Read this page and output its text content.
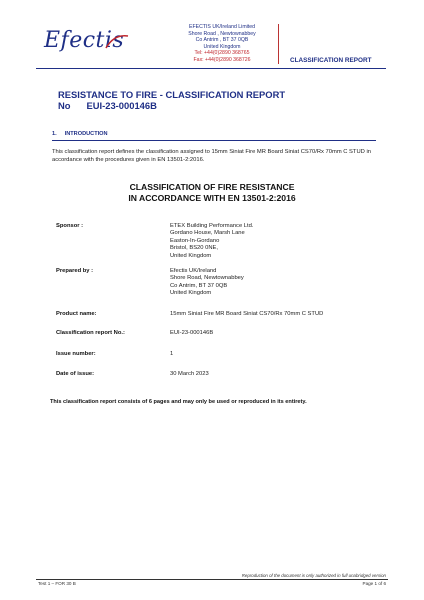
Efectis
EFECTIS UK/Ireland Limited
Shore Road , Newtownabbey
Co Antrim , BT 37 0QB
United Kingdom
Tel: +44(0)2890 368765
Fax: +44(0)2890 368726	CLASSIFICATION REPORT
RESISTANCE TO FIRE - CLASSIFICATION REPORT
No EUI-23-000146B
1. INTRODUCTION
This classification report defines the classification assigned to 15mm Siniat Fire MR Board Siniat CS70/Rx 70mm C STUD in accordance with the procedures given in EN 13501-2:2016.
CLASSIFICATION OF FIRE RESISTANCE
IN ACCORDANCE WITH EN 13501-2:2016
Sponsor :	ETEX Building Performance Ltd.
Gordano House, Marsh Lane
Easton-In-Gordano
Bristol, BS20 0NE,
United Kingdom
Prepared by :	Efectis UK/Ireland
Shore Road, Newtownabbey
Co Antrim, BT 37 0QB
United Kingdom
Product name:	15mm Siniat Fire MR Board Siniat CS70/Rx 70mm C STUD
Classification report No.:	EUI-23-000146B
Issue number:	1
Date of issue:	30 March 2023
This classification report consists of 6 pages and may only be used or reproduced in its entirety.
Reproduction of the document is only authorized in full unabridged version
Test 1 – FOR 30 B	Page 1 of 6
